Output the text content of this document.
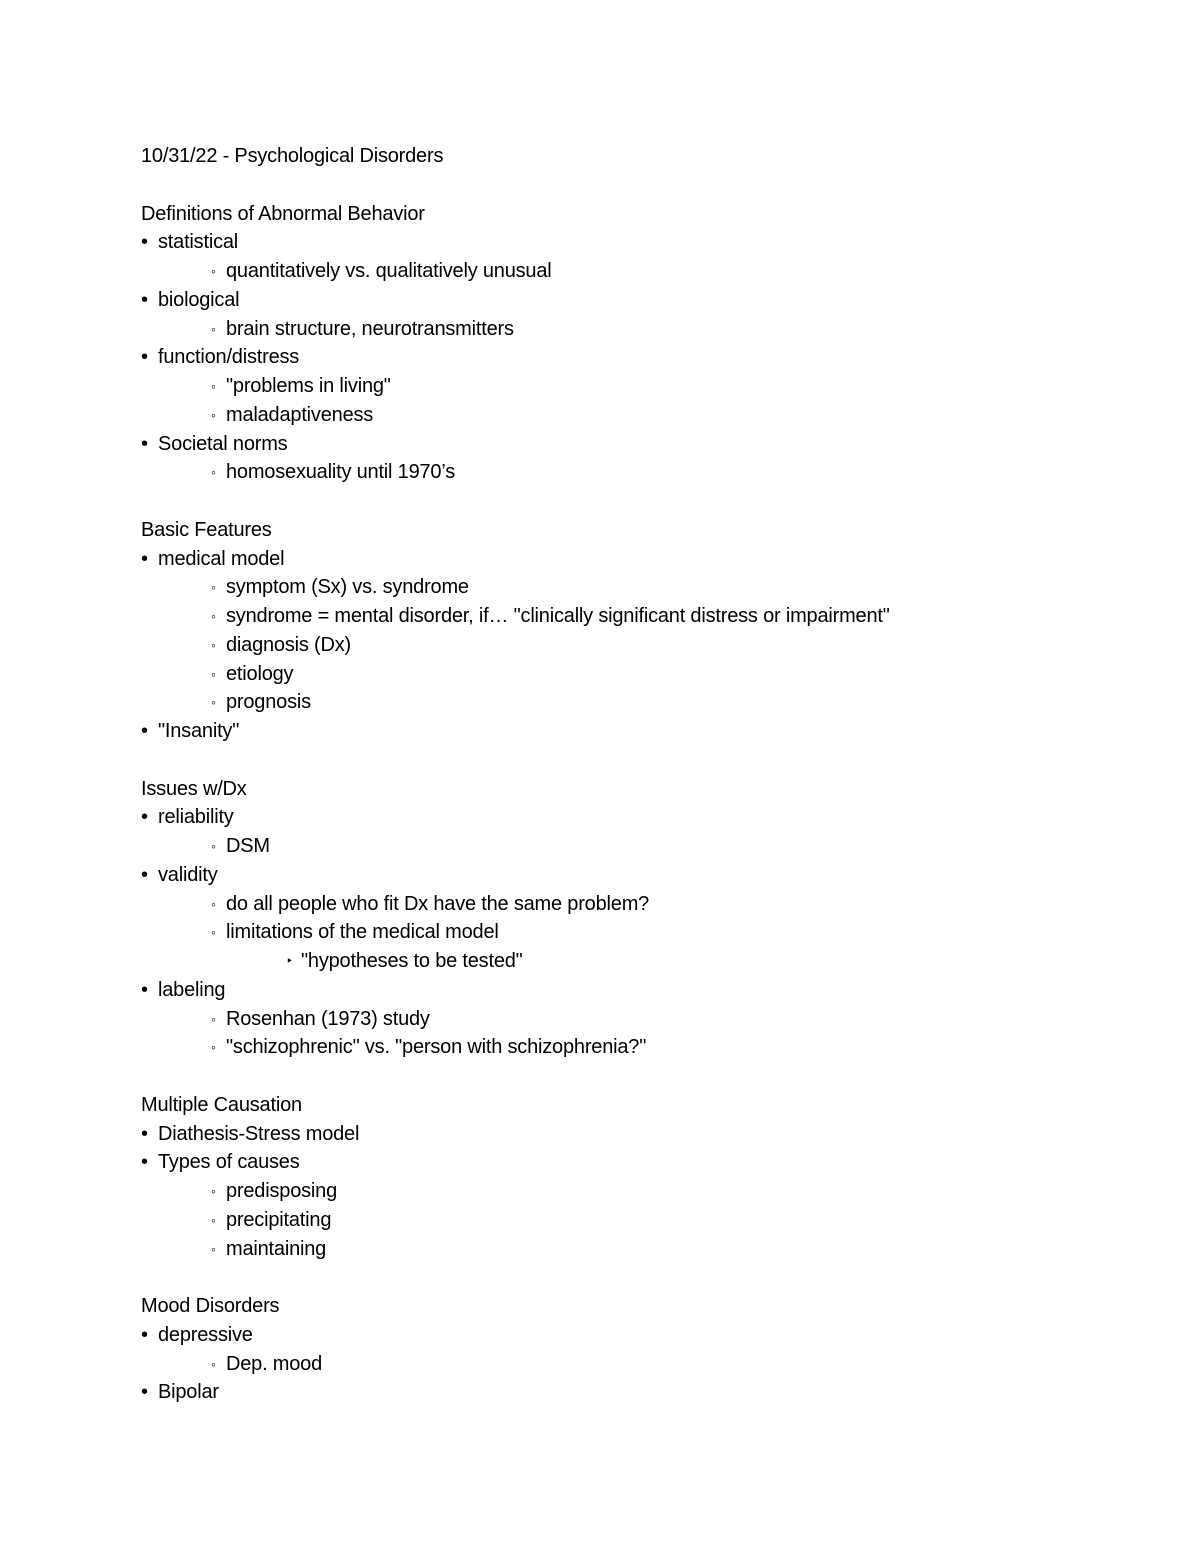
10/31/22 - Psychological Disorders
Definitions of Abnormal Behavior
• statistical
◦ quantitatively vs. qualitatively unusual
• biological
◦ brain structure, neurotransmitters
• function/distress
◦ "problems in living"
◦ maladaptiveness
• Societal norms
◦ homosexuality until 1970’s
Basic Features
• medical model
◦ symptom (Sx) vs. syndrome
◦ syndrome = mental disorder, if… "clinically significant distress or impairment"
◦ diagnosis (Dx)
◦ etiology
◦ prognosis
• "Insanity"
Issues w/Dx
• reliability
◦ DSM
• validity
◦ do all people who fit Dx have the same problem?
◦ limitations of the medical model
‣ "hypotheses to be tested"
• labeling
◦ Rosenhan (1973) study
◦ "schizophrenic" vs. "person with schizophrenia?"
Multiple Causation
• Diathesis-Stress model
• Types of causes
◦ predisposing
◦ precipitating
◦ maintaining
Mood Disorders
• depressive
◦ Dep. mood
• Bipolar
